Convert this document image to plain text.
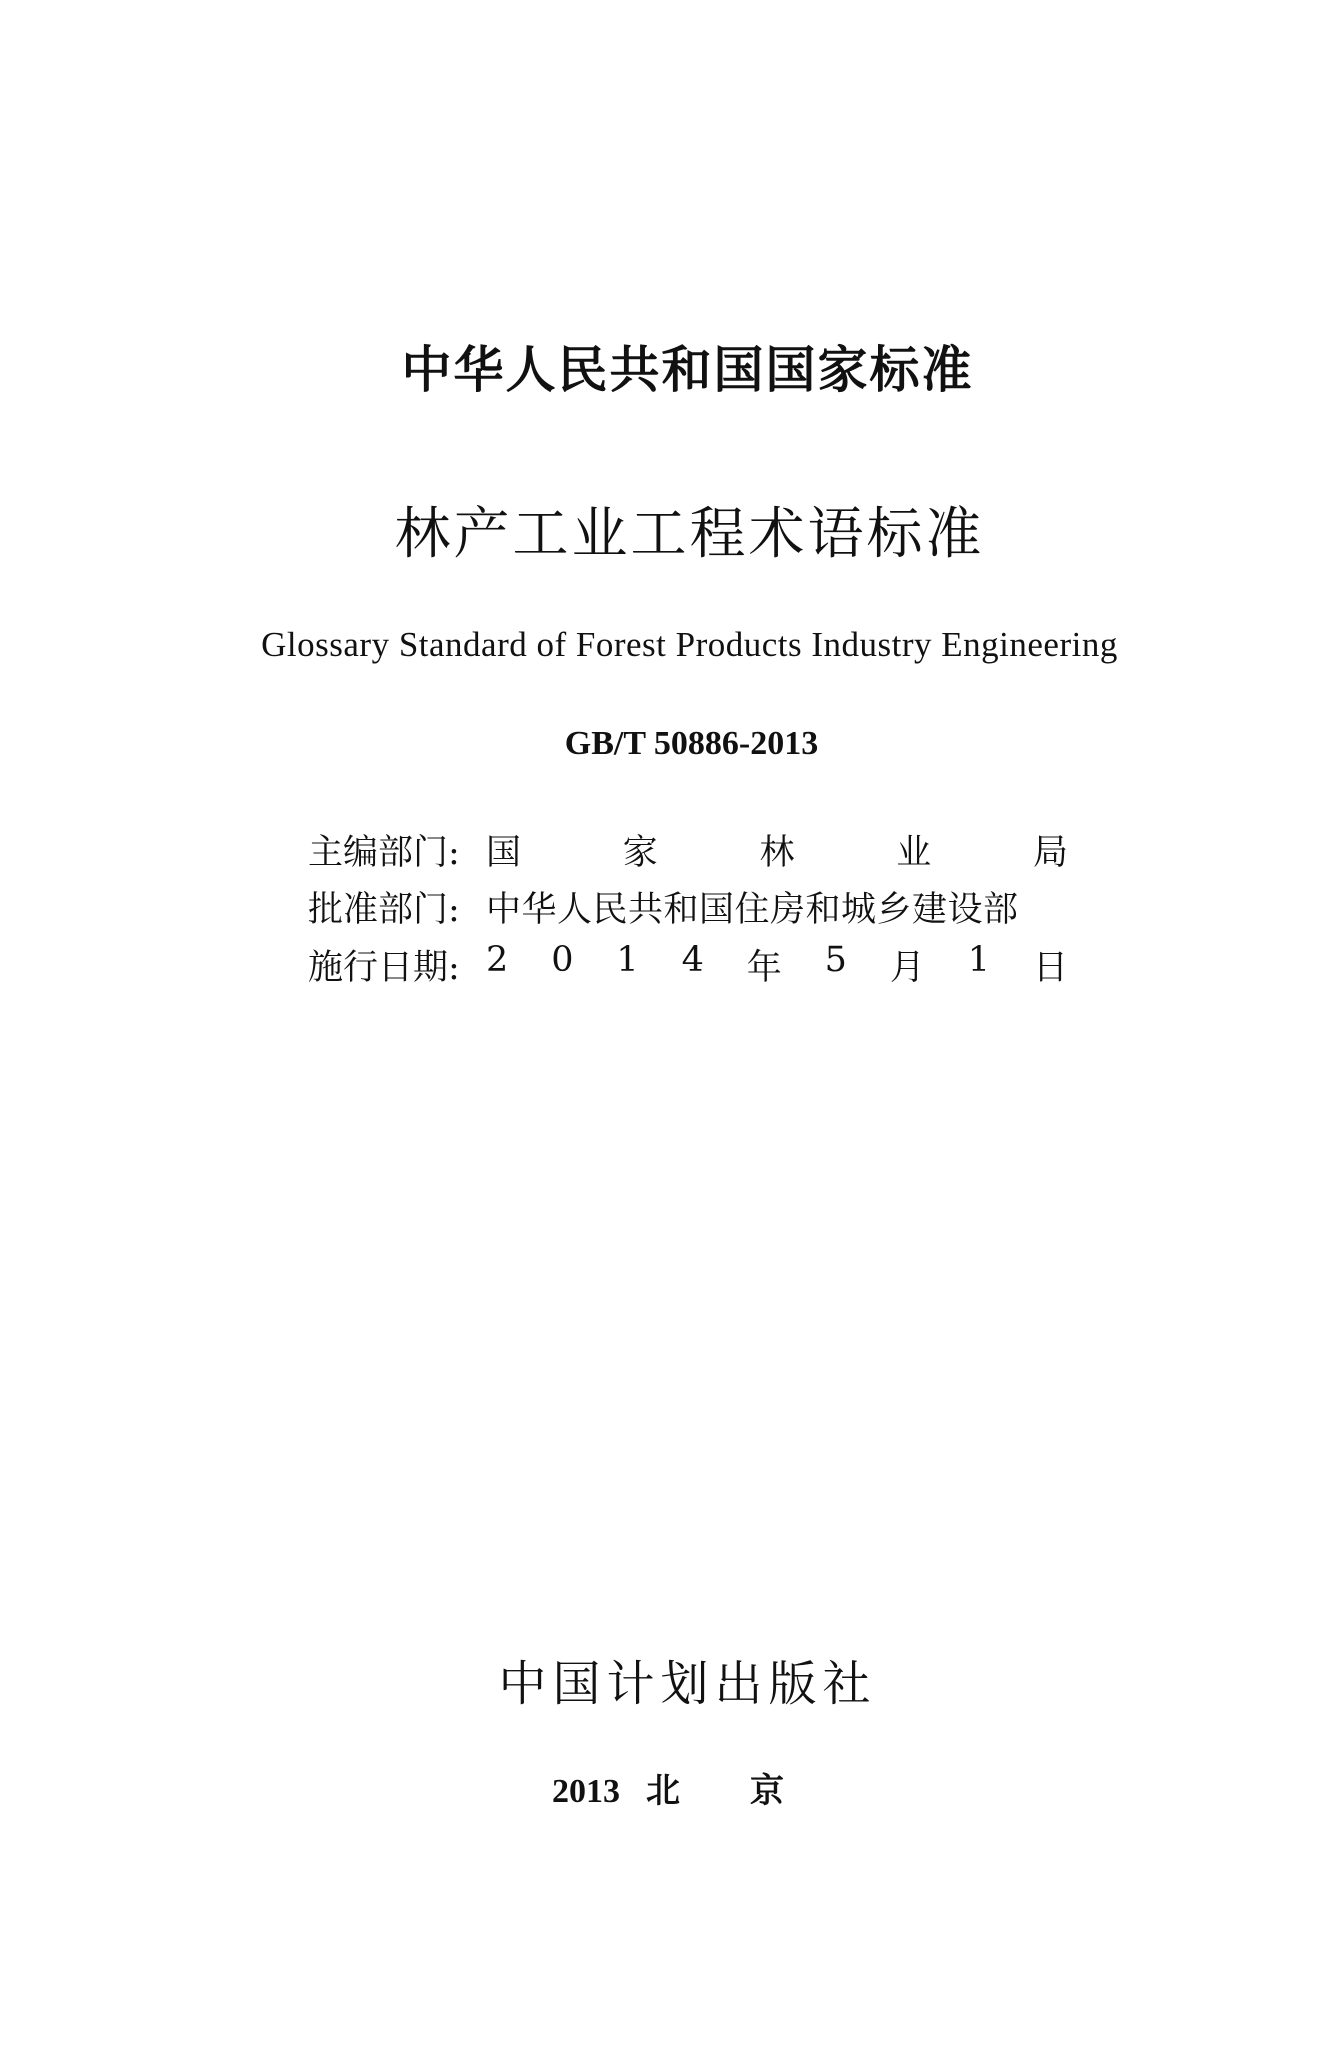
中华人民共和国国家标准
林产工业工程术语标准
Glossary Standard of Forest Products Industry Engineering
GB/T 50886-2013
主编部门: 国	家	林	业	局
批准部门: 中华人民共和国住房和城乡建设部
施行日期: 2 0 1 4 年 5 月 1 日
中国计划出版社
2013 北 京
